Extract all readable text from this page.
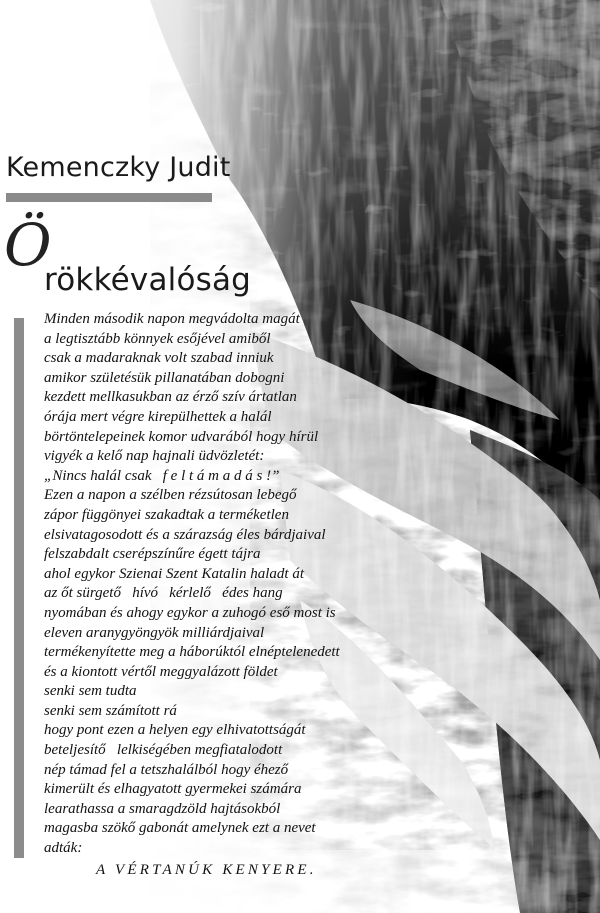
Kemenczky Judit
Ö
rökkévalóság
Minden második napon megvádolta magát
a legtisztább könnyek esőjével amiből
csak a madaraknak volt szabad inniuk
amikor születésük pillanatában dobogni
kezdett mellkasukban az érző szív ártatlan
órája mert végre kirepülhettek a halál
börtöntelepeinek komor udvarából hogy hírül
vigyék a kelő nap hajnali üdvözletét:
„Nincs halál csak   f e l t á m a d á s !”
Ezen a napon a szélben rézsútosan lebegő
zápor függönyei szakadtak a terméketlen
elsivatagosodott és a szárazság éles bárdjaival
felszabdalt cserépszínűre égett tájra
ahol egykor Szienai Szent Katalin haladt át
az őt sürgető   hívó   kérlelő   édes hang
nyomában és ahogy egykor a zuhogó eső most is
eleven aranygyöngyök milliárdjaival
termékenyítette meg a háborúktól elnéptelenedett
és a kiontott vértől meggyalázott földet
senki sem tudta
senki sem számított rá
hogy pont ezen a helyen egy elhivatottságát
beteljesítő   lelkiségében megfiatalodott
nép támad fel a tetszhalálból hogy éhező
kimerült és elhagyatott gyermekei számára
learathassa a smaragdzöld hajtásokból
magasba szökő gabonát amelynek ezt a nevet
adták:
A VÉRTANÚK KENYERE.
